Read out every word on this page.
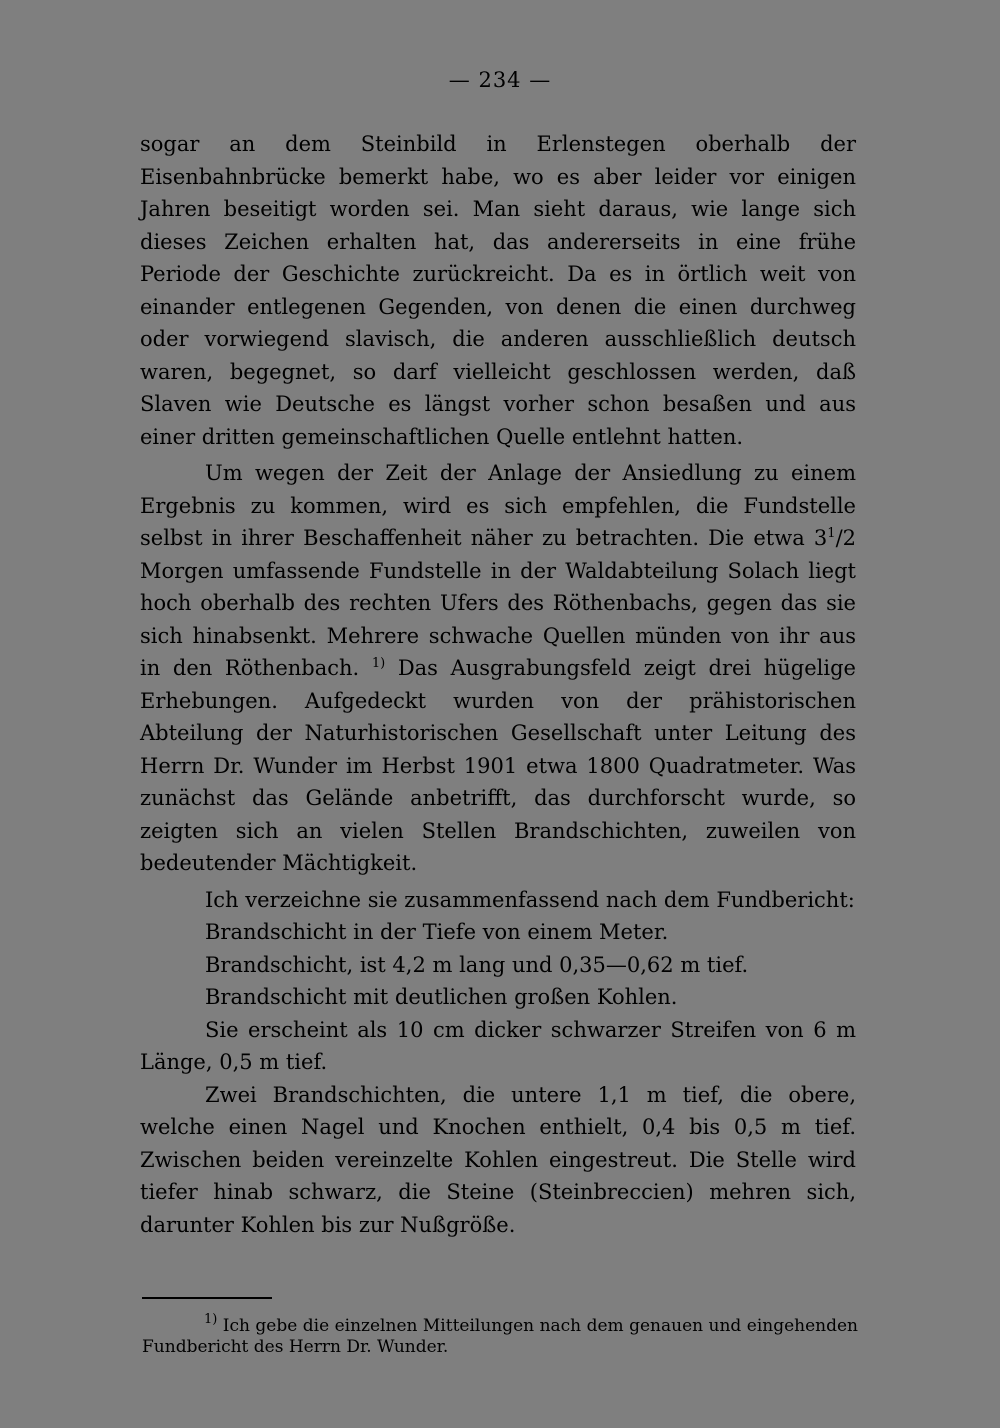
— 234 —

sogar an dem Steinbild in Erlenstegen oberhalb der Eisenbahnbrücke bemerkt habe, wo es aber leider vor einigen Jahren beseitigt worden sei. Man sieht daraus, wie lange sich dieses Zeichen erhalten hat, das andererseits in eine frühe Periode der Geschichte zurückreicht. Da es in örtlich weit von einander entlegenen Gegenden, von denen die einen durchweg oder vorwiegend slavisch, die anderen ausschließlich deutsch waren, begegnet, so darf vielleicht geschlossen werden, daß Slaven wie Deutsche es längst vorher schon besaßen und aus einer dritten gemeinschaftlichen Quelle entlehnt hatten.

Um wegen der Zeit der Anlage der Ansiedlung zu einem Ergebnis zu kommen, wird es sich empfehlen, die Fundstelle selbst in ihrer Beschaffenheit näher zu betrachten. Die etwa $3^1/2$ Morgen umfassende Fundstelle in der Waldabteilung Solach liegt hoch oberhalb des rechten Ufers des Röthenbachs, gegen das sie sich hinabsenkt. Mehrere schwache Quellen münden von ihr aus in den Röthenbach. $^{1)}$ Das Ausgrabungsfeld zeigt drei hügelige Erhebungen. Aufgedeckt wurden von der prähistorischen Abteilung der Naturhistorischen Gesellschaft unter Leitung des Herrn Dr. Wunder im Herbst 1901 etwa 1800 Quadratmeter. Was zunächst das Gelände anbetrifft, das durchforscht wurde, so zeigten sich an vielen Stellen Brandschichten, zuweilen von bedeutender Mächtigkeit.

Ich verzeichne sie zusammenfassend nach dem Fundbericht:

Brandschicht in der Tiefe von einem Meter.

Brandschicht, ist 4,2 m lang und 0,35—0,62 m tief.

Brandschicht mit deutlichen großen Kohlen.

Sie erscheint als 10 cm dicker schwarzer Streifen von 6 m Länge, 0,5 m tief.

Zwei Brandschichten, die untere 1,1 m tief, die obere, welche einen Nagel und Knochen enthielt, 0,4 bis 0,5 m tief. Zwischen beiden vereinzelte Kohlen eingestreut. Die Stelle wird tiefer hinab schwarz, die Steine (Steinbreccien) mehren sich, darunter Kohlen bis zur Nußgröße.

$^{1)}$ Ich gebe die einzelnen Mitteilungen nach dem genauen und eingehenden Fundbericht des Herrn Dr. Wunder.
